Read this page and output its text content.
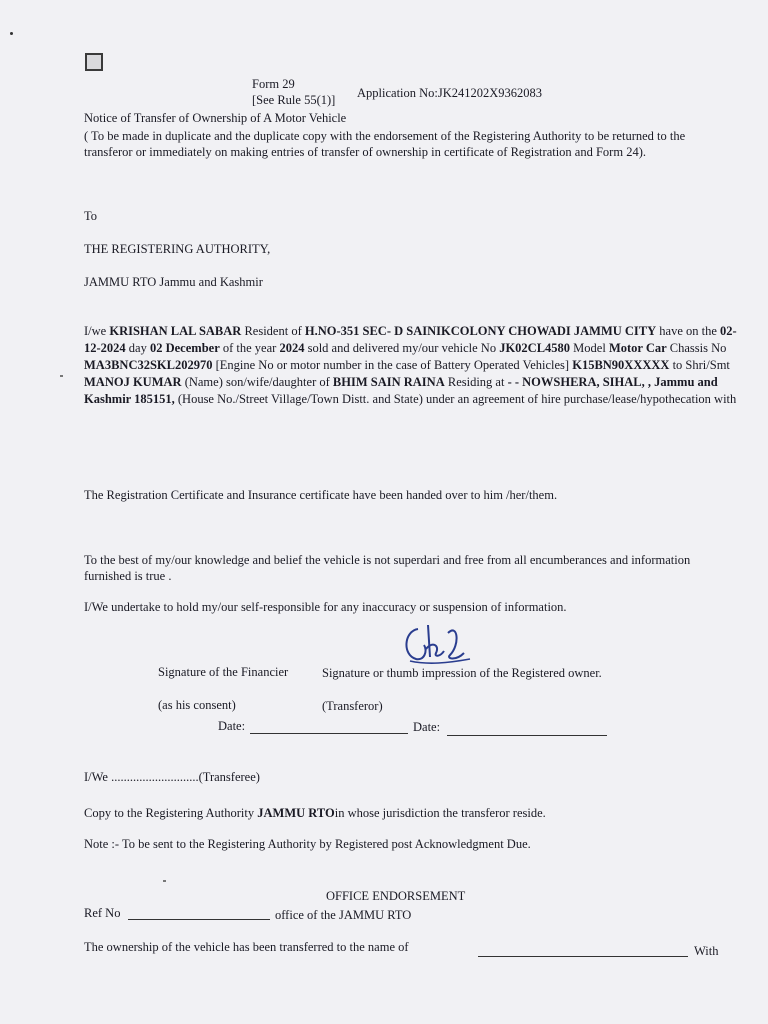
Form 29
[See Rule 55(1)] Application No:JK241202X9362083
Notice of Transfer of Ownership of A Motor Vehicle
( To be made in duplicate and the duplicate copy with the endorsement of the Registering Authority to be returned to the transferor or immediately on making entries of transfer of ownership in certificate of Registration and Form 24).
To
THE REGISTERING AUTHORITY,
JAMMU RTO Jammu and Kashmir
I/we KRISHAN LAL SABAR Resident of H.NO-351 SEC- D SAINIKCOLONY CHOWADI JAMMU CITY have on the 02-12-2024 day 02 December of the year 2024 sold and delivered my/our vehicle No JK02CL4580 Model Motor Car Chassis No MA3BNC32SKL202970 [Engine No or motor number in the case of Battery Operated Vehicles] K15BN90XXXXX to Shri/Smt MANOJ KUMAR (Name) son/wife/daughter of BHIM SAIN RAINA Residing at - - NOWSHERA, SIHAL, , Jammu and Kashmir 185151, (House No./Street Village/Town Distt. and State) under an agreement of hire purchase/lease/hypothecation with
The Registration Certificate and Insurance certificate have been handed over to him /her/them.
To the best of my/our knowledge and belief the vehicle is not superdari and free from all encumberances and information furnished is true .
I/We undertake to hold my/our self-responsible for any inaccuracy or suspension of information.
Signature of the Financier	Signature or thumb impression of the Registered owner.
(as his consent)	(Transferor)
Date:	Date:
I/We ............................(Transferee)
Copy to the Registering Authority JAMMU RTOin whose jurisdiction the transferor reside.
Note :- To be sent to the Registering Authority by Registered post Acknowledgment Due.
OFFICE ENDORSEMENT
Ref No	office of the JAMMU RTO
The ownership of the vehicle has been transferred to the name of	With
